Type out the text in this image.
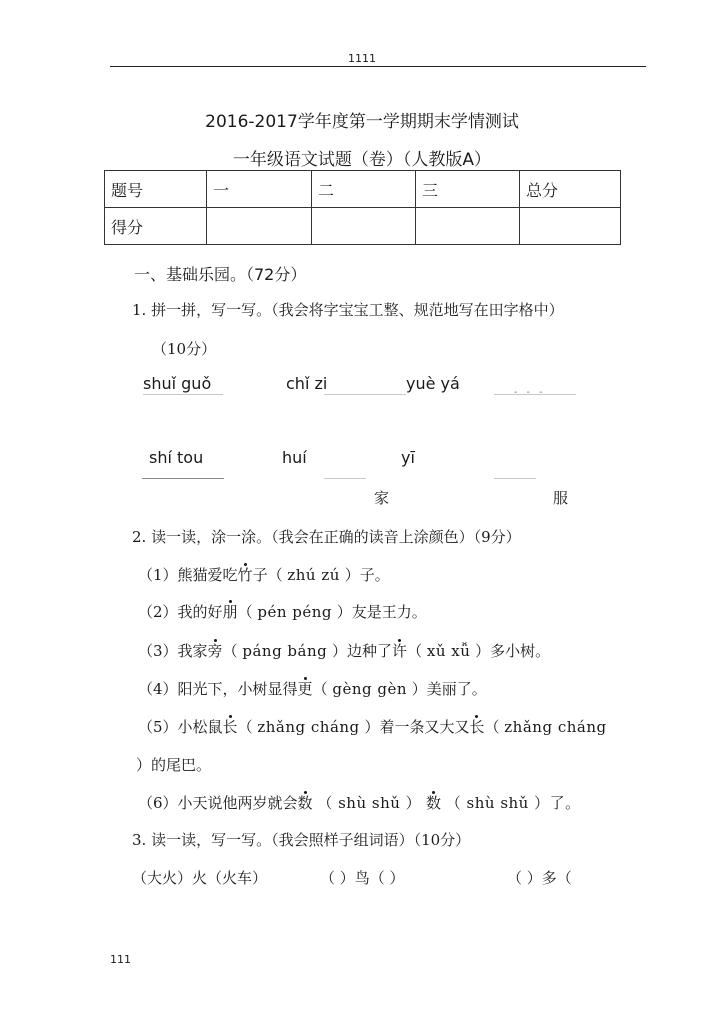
1111
2016-2017学年度第一学期期末学情测试
一年级语文试题（卷）（人教版A）
题号	一	二	三	总分
得分				
一、基础乐园。（72分）
1. 拼一拼，写一写。（我会将字宝宝工整、规范地写在田字格中）
（10分）
shuǐ guǒ	chǐ zi	yuè yá	- - -
shí tou	huí	yī
家	服
2. 读一读，涂一涂。（我会在正确的读音上涂颜色）（9分）
（1）熊猫爱吃竹子（ zhú zú ）子。
（2）我的好朋（ pén péng ）友是王力。
（3）我家旁（ páng báng ）边种了许（ xǔ xǚ ）多小树。
（4）阳光下，小树显得更（ gèng gèn ）美丽了。
（5）小松鼠长（ zhǎng cháng ）着一条又大又长（ zhǎng cháng
）的尾巴。
（6）小天说他两岁就会数 （ shù shǔ ） 数 （ shù shǔ ）了。
3. 读一读，写一写。（我会照样子组词语）（10分）
（大火）火（火车）	（ ）鸟（ ）	（ ）多（
111
